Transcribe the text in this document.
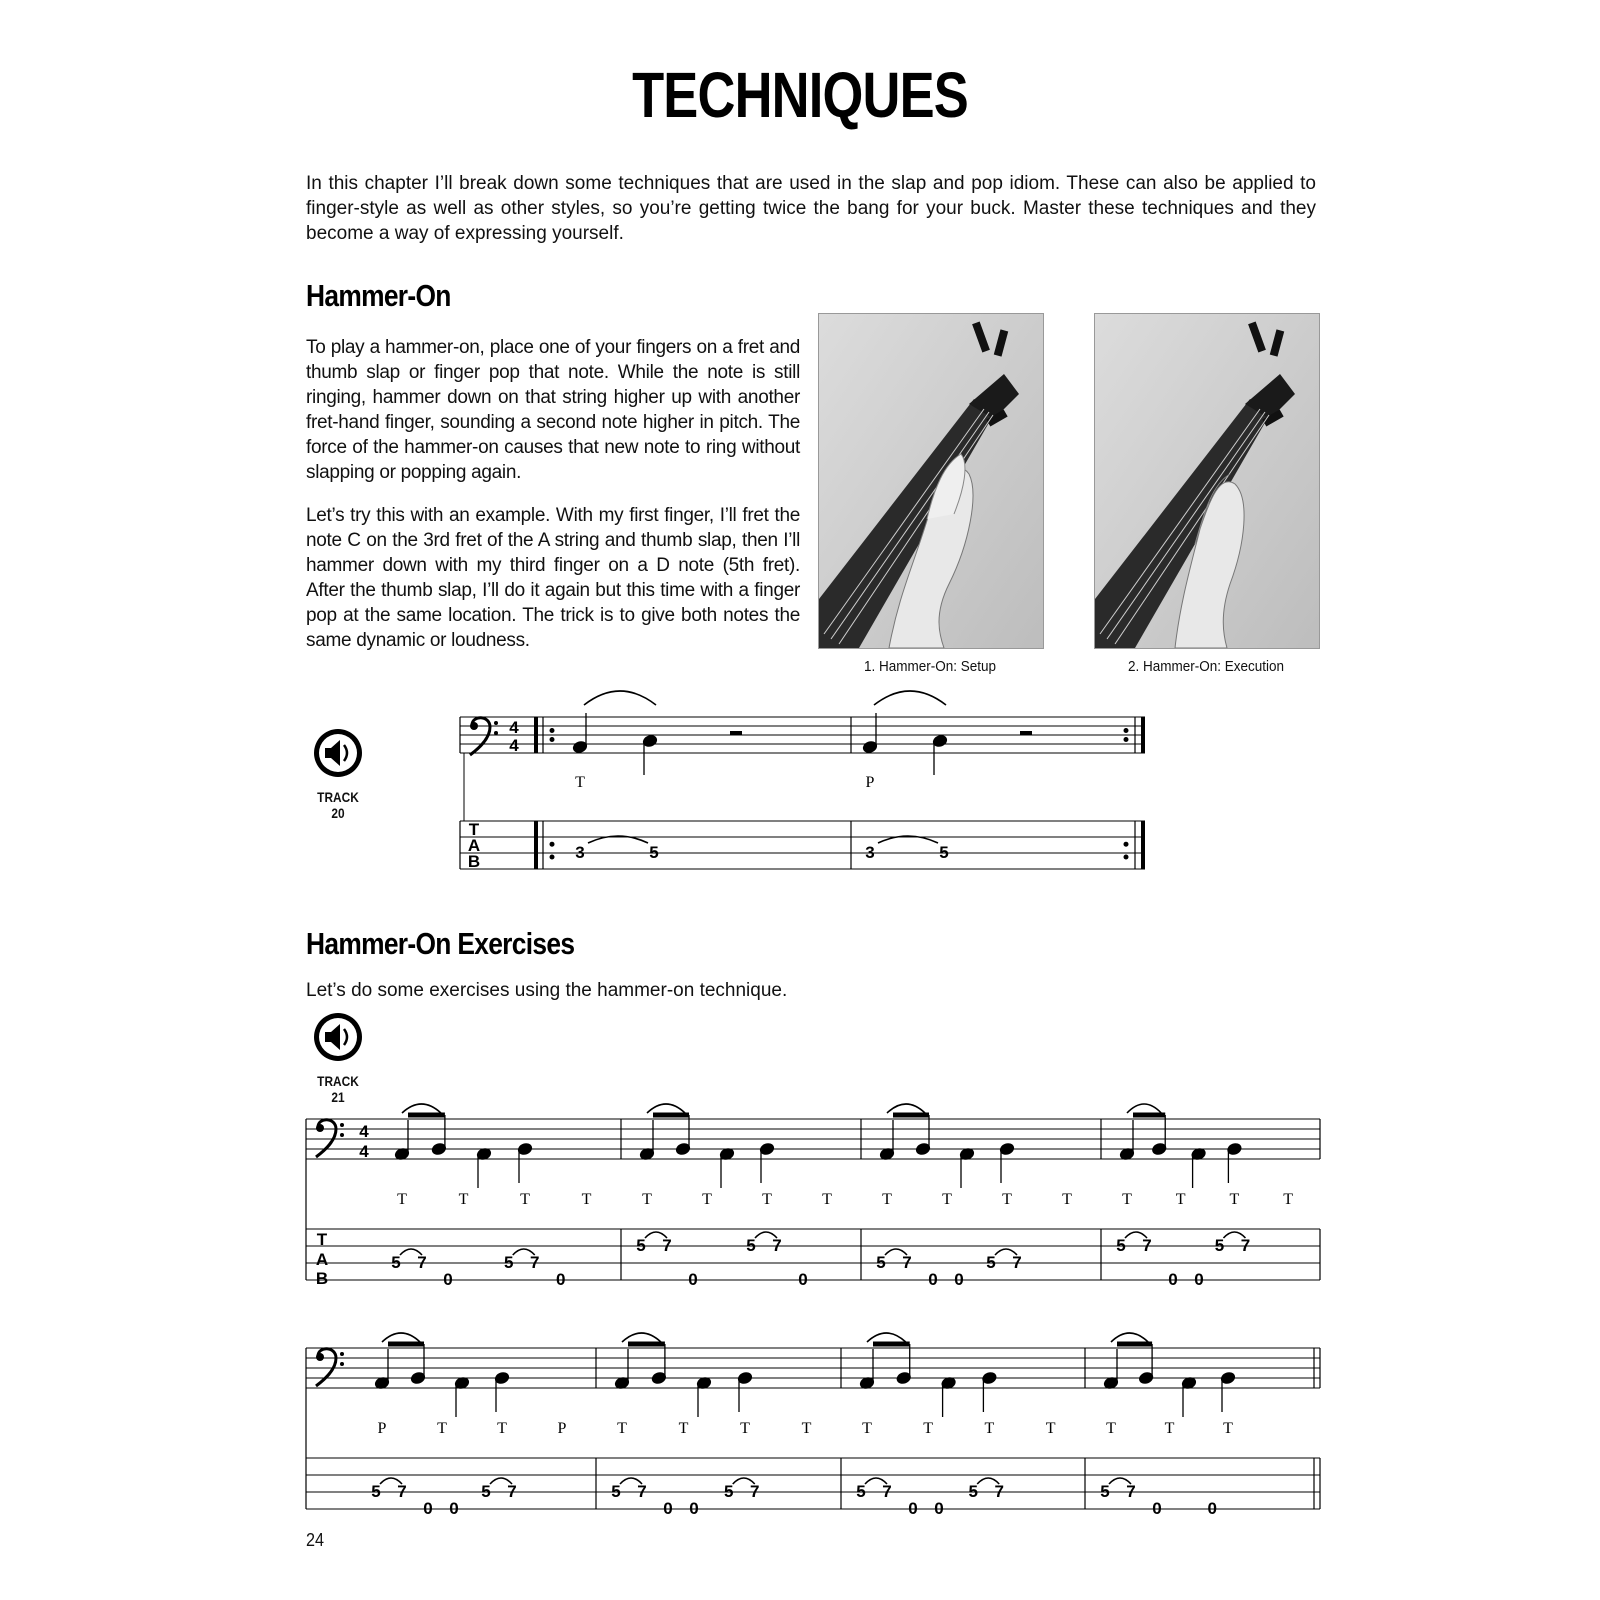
TECHNIQUES
In this chapter I’ll break down some techniques that are used in the slap and pop idiom. These can also be applied to finger-style as well as other styles, so you’re getting twice the bang for your buck. Master these techniques and they become a way of expressing yourself.
Hammer-On
To play a hammer-on, place one of your fingers on a fret and thumb slap or finger pop that note. While the note is still ringing, hammer down on that string higher up with another fret-hand finger, sounding a second note higher in pitch. The force of the hammer-on causes that new note to ring without slapping or popping again.
Let’s try this with an example. With my first finger, I’ll fret the note C on the 3rd fret of the A string and thumb slap, then I’ll hammer down with my third finger on a D note (5th fret). After the thumb slap, I’ll do it again but this time with a finger pop at the same location. The trick is to give both notes the same dynamic or loudness.
1. Hammer-On: Setup	2. Hammer-On: Execution
TRACK 20
TRACK 21
Hammer-On Exercises
Let’s do some exercises using the hammer-on technique.
24
4
4
T
A
B
T
3	5
P
3	5
4
4
T
A
B
T	T	T	T
5 7
0
5 7
0
T	T	T	T
5 7
0
5 7
0
T	T	T	T
5 7
0 0
5 7
T	T	T	T
5 7
0 0
5 7
P	T	T	P
5 7
0 0
5 7
T	T	T	T
5 7
0 0
5 7
T	T	T	T
5 7
0 0
5 7
T	T	T
5 7
0	0
